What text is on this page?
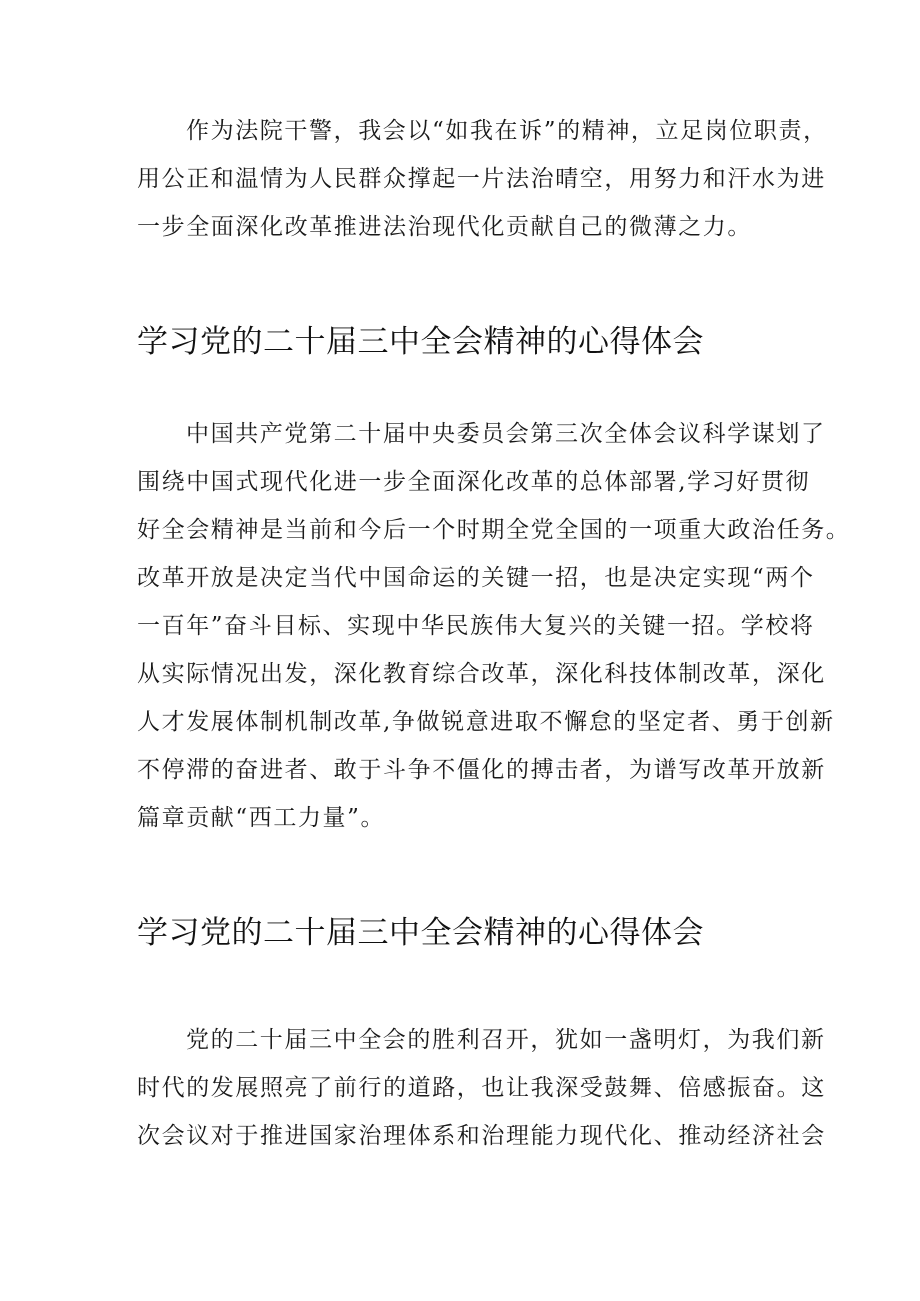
作为法院干警，我会以“如我在诉”的精神，立足岗位职责，
用公正和温情为人民群众撑起一片法治晴空，用努力和汗水为进
一步全面深化改革推进法治现代化贡献自己的微薄之力。
学习党的二十届三中全会精神的心得体会
中国共产党第二十届中央委员会第三次全体会议科学谋划了
围绕中国式现代化进一步全面深化改革的总体部署,学习好贯彻
好全会精神是当前和今后一个时期全党全国的一项重大政治任务。
改革开放是决定当代中国命运的关键一招，也是决定实现“两个
一百年”奋斗目标、实现中华民族伟大复兴的关键一招。学校将
从实际情况出发，深化教育综合改革，深化科技体制改革，深化
人才发展体制机制改革,争做锐意进取不懈怠的坚定者、勇于创新
不停滞的奋进者、敢于斗争不僵化的搏击者，为谱写改革开放新
篇章贡献“西工力量”。
学习党的二十届三中全会精神的心得体会
党的二十届三中全会的胜利召开，犹如一盏明灯，为我们新
时代的发展照亮了前行的道路，也让我深受鼓舞、倍感振奋。这
次会议对于推进国家治理体系和治理能力现代化、推动经济社会
